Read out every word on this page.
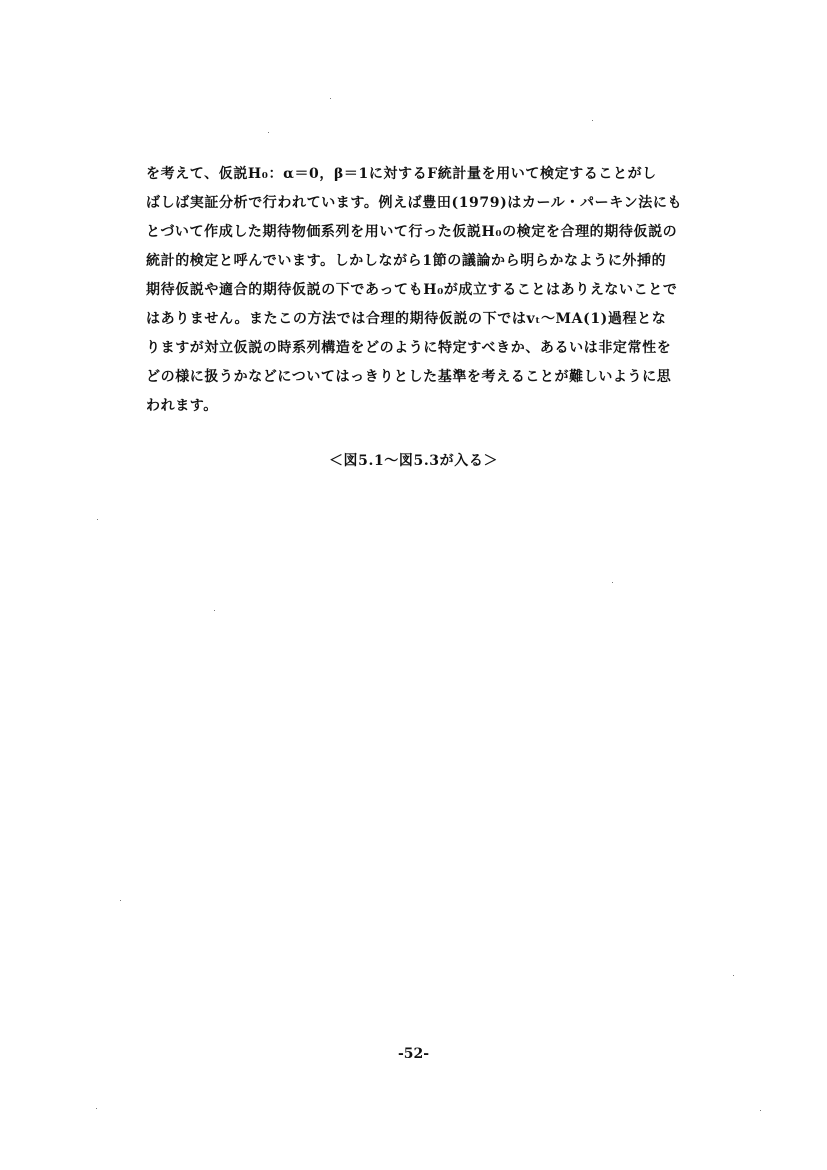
を考えて、仮説H₀：α＝0，β＝1に対するF統計量を用いて検定することがし
ばしば実証分析で行われています。例えば豊田(1979)はカール・パーキン法にも
とづいて作成した期待物価系列を用いて行った仮説H₀の検定を合理的期待仮説の
統計的検定と呼んでいます。しかしながら1節の議論から明らかなように外挿的
期待仮説や適合的期待仮説の下であってもH₀が成立することはありえないことで
はありません。またこの方法では合理的期待仮説の下ではvₜ～MA(1)過程とな
りますが対立仮説の時系列構造をどのように特定すべきか、あるいは非定常性を
どの様に扱うかなどについてはっきりとした基準を考えることが難しいように思
われます。
＜図5.1～図5.3が入る＞
-52-
